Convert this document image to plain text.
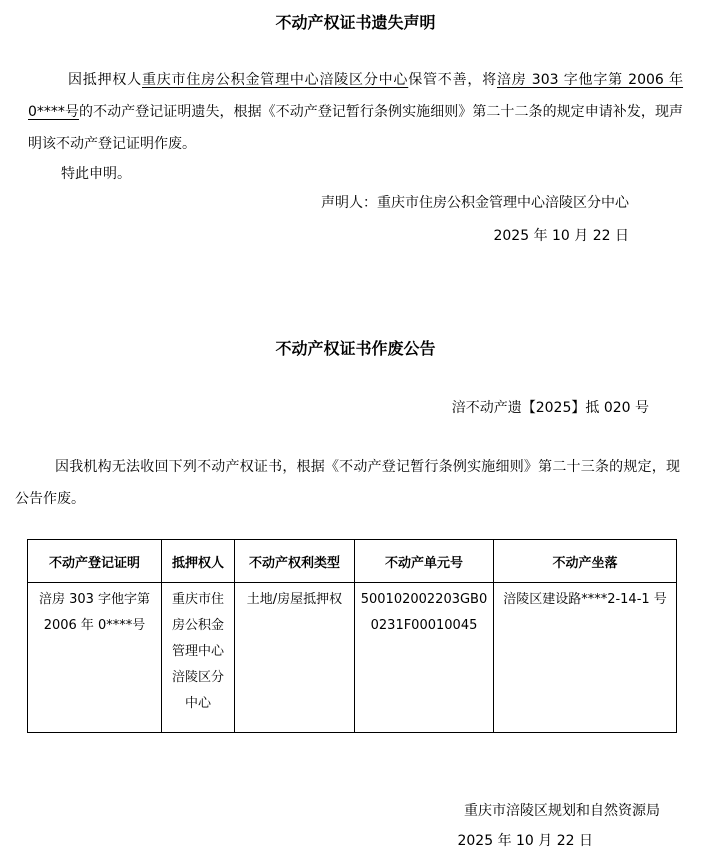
不动产权证书遗失声明
因抵押权人重庆市住房公积金管理中心涪陵区分中心保管不善，将涪房 303 字他字第 2006 年 0****号的不动产登记证明遗失，根据《不动产登记暂行条例实施细则》第二十二条的规定申请补发，现声明该不动产登记证明作废。
特此申明。
声明人：重庆市住房公积金管理中心涪陵区分中心
2025 年 10 月 22 日
不动产权证书作废公告
涪不动产遗【2025】抵 020 号
因我机构无法收回下列不动产权证书，根据《不动产登记暂行条例实施细则》第二十三条的规定，现公告作废。
不动产登记证明	抵押权人	不动产权利类型	不动产单元号	不动产坐落
涪房 303 字他字第 2006 年 0****号	重庆市住房公积金管理中心涪陵区分中心	土地/房屋抵押权	500102002203GB00231F00010045	涪陵区建设路****2-14-1 号
重庆市涪陵区规划和自然资源局
2025 年 10 月 22 日
